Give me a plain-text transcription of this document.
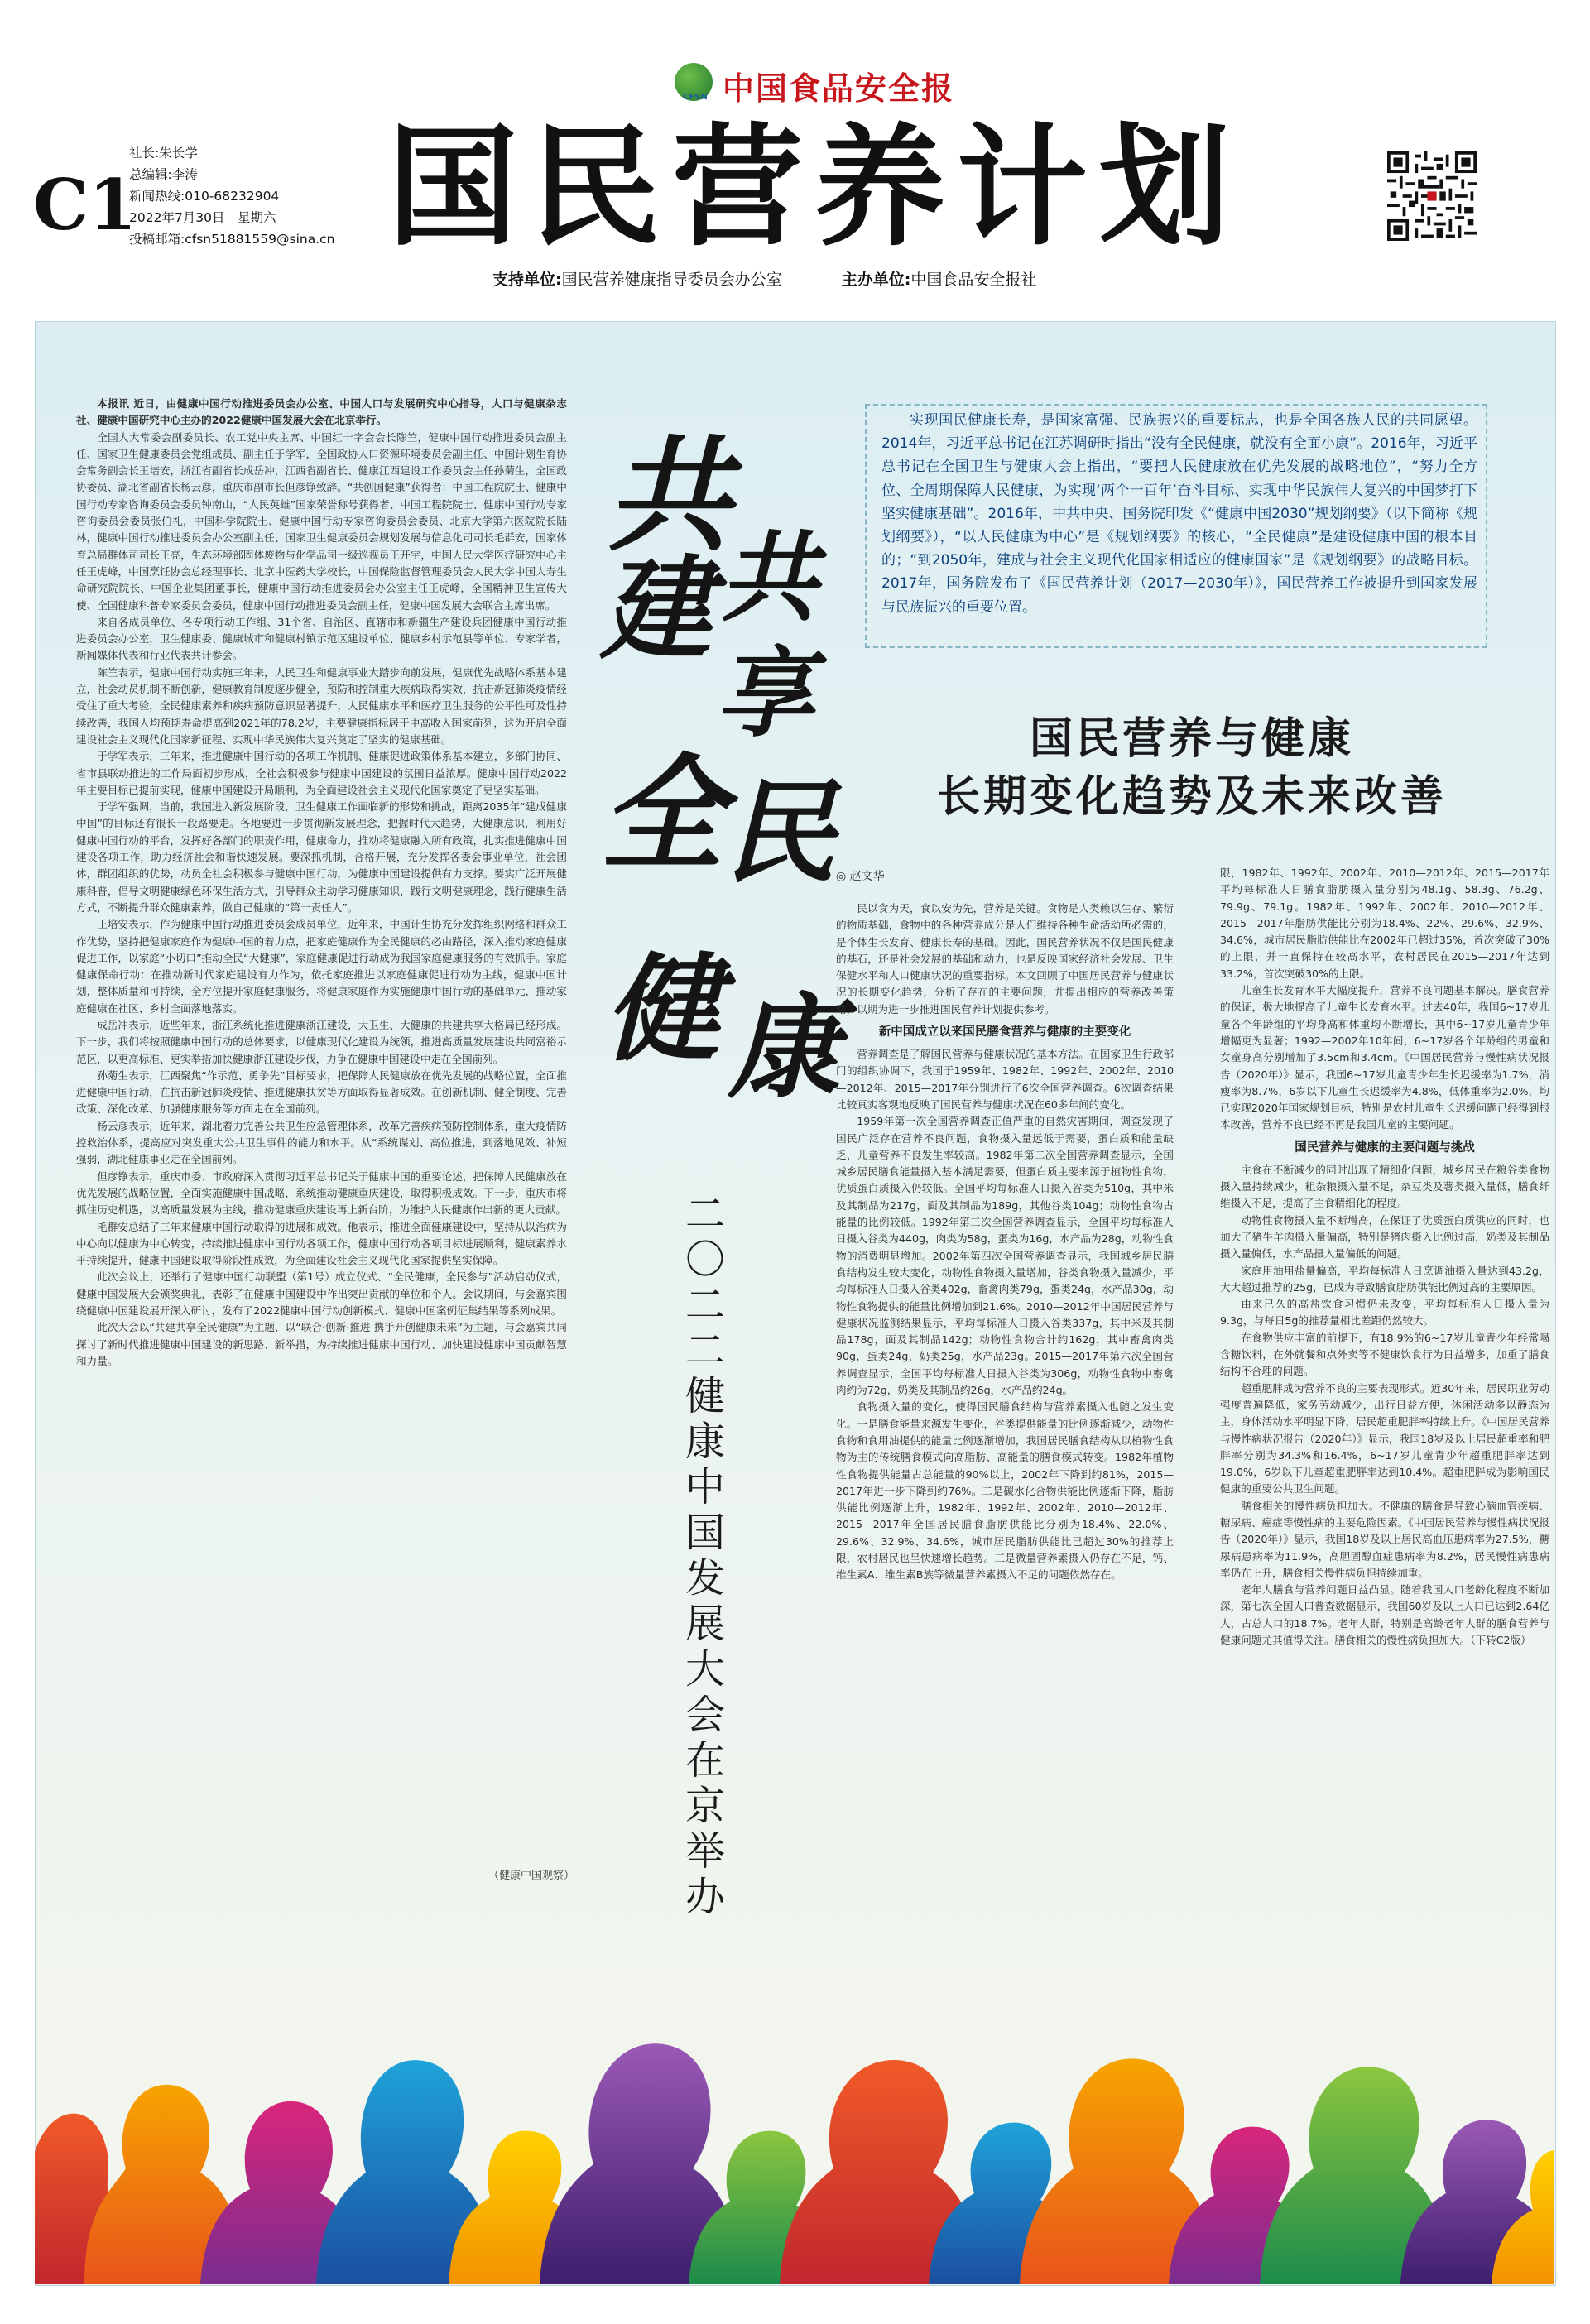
CFSN 中国食品安全报
C1
社长:朱长学
总编辑:李涛
新闻热线:010-68232904
2022年7月30日　星期六
投稿邮箱:cfsn51881559@sina.cn 国民营养计划
支持单位:国民营养健康指导委员会办公室	主办单位:中国食品安全报社

本报讯 近日，由健康中国行动推进委员会办公室、中国人口与发展研究中心指导，人口与健康杂志社、健康中国研究中心主办的2022健康中国发展大会在北京举行。

全国人大常委会副委员长、农工党中央主席、中国红十字会会长陈竺，健康中国行动推进委员会副主任、国家卫生健康委员会党组成员、副主任于学军，全国政协人口资源环境委员会副主任、中国计划生育协会常务副会长王培安，浙江省副省长成岳冲，江西省副省长、健康江西建设工作委员会主任孙菊生，全国政协委员、湖北省副省长杨云彦，重庆市副市长但彦铮致辞。“共创国健康”获得者：中国工程院院士、健康中国行动专家咨询委员会委员钟南山，“人民英雄”国家荣誉称号获得者、中国工程院院士、健康中国行动专家咨询委员会委员张伯礼，中国科学院院士、健康中国行动专家咨询委员会委员、北京大学第六医院院长陆林，健康中国行动推进委员会办公室副主任、国家卫生健康委员会规划发展与信息化司司长毛群安，国家体育总局群体司司长王亮，生态环境部固体废物与化学品司一级巡视员王开宇，中国人民大学医疗研究中心主任王虎峰，中国烹饪协会总经理事长、北京中医药大学校长，中国保险监督管理委员会人民大学中国人寿生命研究院院长、中国企业集团董事长，健康中国行动推进委员会办公室主任王虎峰，全国精神卫生宣传大使、全国健康科普专家委员会委员，健康中国行动推进委员会副主任，健康中国发展大会联合主席出席。

来自各成员单位、各专项行动工作组、31个省、自治区、直辖市和新疆生产建设兵团健康中国行动推进委员会办公室，卫生健康委、健康城市和健康村镇示范区建设单位、健康乡村示范县等单位、专家学者，新闻媒体代表和行业代表共计参会。

陈竺表示，健康中国行动实施三年来，人民卫生和健康事业大踏步向前发展，健康优先战略体系基本建立，社会动员机制不断创新，健康教育制度逐步健全，预防和控制重大疾病取得实效，抗击新冠肺炎疫情经受住了重大考验，全民健康素养和疾病预防意识显著提升，人民健康水平和医疗卫生服务的公平性可及性持续改善，我国人均预期寿命提高到2021年的78.2岁，主要健康指标居于中高收入国家前列，这为开启全面建设社会主义现代化国家新征程、实现中华民族伟大复兴奠定了坚实的健康基础。

于学军表示，三年来，推进健康中国行动的各项工作机制、健康促进政策体系基本建立，多部门协同、省市县联动推进的工作局面初步形成，全社会积极参与健康中国建设的氛围日益浓厚。健康中国行动2022年主要目标已提前实现，健康中国建设开局顺利，为全面建设社会主义现代化国家奠定了更坚实基础。

于学军强调，当前，我国进入新发展阶段，卫生健康工作面临新的形势和挑战，距离2035年“建成健康中国”的目标还有很长一段路要走。各地要进一步贯彻新发展理念，把握时代大趋势，大健康意识，利用好健康中国行动的平台，发挥好各部门的职责作用，健康命力，推动将健康融入所有政策，扎实推进健康中国建设各项工作，助力经济社会和谐快速发展。要深抓机制，合格开展，充分发挥各委会事业单位，社会团体，群团组织的优势，动员全社会积极参与健康中国行动，为健康中国建设提供有力支撑。要实广泛开展健康科普，倡导文明健康绿色环保生活方式，引导群众主动学习健康知识，践行文明健康理念，践行健康生活方式，不断提升群众健康素养，做自己健康的“第一责任人”。

王培安表示，作为健康中国行动推进委员会成员单位，近年来，中国计生协充分发挥组织网络和群众工作优势，坚持把健康家庭作为健康中国的着力点，把家庭健康作为全民健康的必由路径，深入推动家庭健康促进工作，以家庭“小切口”推动全民“大健康”，家庭健康促进行动成为我国家庭健康服务的有效抓手。家庭健康保命行动：在推动新时代家庭建设有力作为，依托家庭推进以家庭健康促进行动为主线，健康中国计划，整体质量和可持续，全方位提升家庭健康服务，将健康家庭作为实施健康中国行动的基础单元，推动家庭健康在社区、乡村全面落地落实。

成岳冲表示，近些年来，浙江系统化推进健康浙江建设，大卫生、大健康的共建共享大格局已经形成。下一步，我们将按照健康中国行动的总体要求，以健康现代化建设为统领，推进高质量发展建设共同富裕示范区，以更高标准、更实举措加快健康浙江建设步伐，力争在健康中国建设中走在全国前列。

孙菊生表示，江西聚焦“作示范、勇争先”目标要求，把保障人民健康放在优先发展的战略位置，全面推进健康中国行动，在抗击新冠肺炎疫情、推进健康扶贫等方面取得显著成效。在创新机制、健全制度、完善政策、深化改革、加强健康服务等方面走在全国前列。

杨云彦表示，近年来，湖北着力完善公共卫生应急管理体系，改革完善疾病预防控制体系，重大疫情防控救治体系，提高应对突发重大公共卫生事件的能力和水平。从“系统谋划、高位推进，到落地见效、补短强弱，湖北健康事业走在全国前列。

但彦铮表示，重庆市委、市政府深入贯彻习近平总书记关于健康中国的重要论述，把保障人民健康放在优先发展的战略位置，全面实施健康中国战略，系统推动健康重庆建设，取得积极成效。下一步，重庆市将抓住历史机遇，以高质量发展为主线，推动健康重庆建设再上新台阶，为维护人民健康作出新的更大贡献。

毛群安总结了三年来健康中国行动取得的进展和成效。他表示，推进全面健康建设中，坚持从以治病为中心向以健康为中心转变，持续推进健康中国行动各项工作，健康中国行动各项目标进展顺利，健康素养水平持续提升，健康中国建设取得阶段性成效，为全面建设社会主义现代化国家提供坚实保障。

此次会议上，还举行了健康中国行动联盟（第1号）成立仪式、“全民健康，全民参与”活动启动仪式，健康中国发展大会颁奖典礼，表彰了在健康中国建设中作出突出贡献的单位和个人。会议期间，与会嘉宾围绕健康中国建设展开深入研讨，发布了2022健康中国行动创新模式、健康中国案例征集结果等系列成果。

此次大会以“共建共享全民健康”为主题，以“联合·创新·推进 携手开创健康未来”为主题，与会嘉宾共同探讨了新时代推进健康中国建设的新思路、新举措，为持续推进健康中国行动、加快建设健康中国贡献智慧和力量。

（健康中国观察）
共
建 共
享
全 民
健 康
二〇二二健康中国发展大会在京举办

实现国民健康长寿，是国家富强、民族振兴的重要标志，也是全国各族人民的共同愿望。2014年，习近平总书记在江苏调研时指出“没有全民健康，就没有全面小康”。2016年，习近平总书记在全国卫生与健康大会上指出，“要把人民健康放在优先发展的战略地位”，“努力全方位、全周期保障人民健康，为实现‘两个一百年’奋斗目标、实现中华民族伟大复兴的中国梦打下坚实健康基础”。2016年，中共中央、国务院印发《“健康中国2030”规划纲要》（以下简称《规划纲要》），“以人民健康为中心”是《规划纲要》的核心，“全民健康”是建设健康中国的根本目的；“到2050年，建成与社会主义现代化国家相适应的健康国家”是《规划纲要》的战略目标。2017年，国务院发布了《国民营养计划（2017—2030年）》，国民营养工作被提升到国家发展与民族振兴的重要位置。

国民营养与健康
长期变化趋势及未来改善
◎ 赵文华

民以食为天，食以安为先，营养是关键。食物是人类赖以生存、繁衍的物质基础，食物中的各种营养成分是人们维持各种生命活动所必需的，是个体生长发育、健康长寿的基础。因此，国民营养状况不仅是国民健康的基石，还是社会发展的基础和动力，也是反映国家经济社会发展、卫生保健水平和人口健康状况的重要指标。本文回顾了中国居民营养与健康状况的长期变化趋势，分析了存在的主要问题，并提出相应的营养改善策略，以期为进一步推进国民营养计划提供参考。

新中国成立以来国民膳食营养与健康的主要变化

营养调查是了解国民营养与健康状况的基本方法。在国家卫生行政部门的组织协调下，我国于1959年、1982年、1992年、2002年、2010—2012年、2015—2017年分别进行了6次全国营养调查。6次调查结果比较真实客观地反映了国民营养与健康状况在60多年间的变化。

1959年第一次全国营养调查正值严重的自然灾害期间，调查发现了国民广泛存在营养不良问题，食物摄入量远低于需要，蛋白质和能量缺乏，儿童营养不良发生率较高。1982年第二次全国营养调查显示，全国城乡居民膳食能量摄入基本满足需要，但蛋白质主要来源于植物性食物，优质蛋白质摄入仍较低。全国平均每标准人日摄入谷类为510g，其中米及其制品为217g，面及其制品为189g，其他谷类104g；动物性食物占能量的比例较低。1992年第三次全国营养调查显示，全国平均每标准人日摄入谷类为440g，肉类为58g，蛋类为16g，水产品为28g，动物性食物的消费明显增加。2002年第四次全国营养调查显示，我国城乡居民膳食结构发生较大变化，动物性食物摄入量增加，谷类食物摄入量减少，平均每标准人日摄入谷类402g，畜禽肉类79g，蛋类24g，水产品30g，动物性食物提供的能量比例增加到21.6%。2010—2012年中国居民营养与健康状况监测结果显示，平均每标准人日摄入谷类337g，其中米及其制品178g，面及其制品142g；动物性食物合计约162g，其中畜禽肉类90g，蛋类24g，奶类25g，水产品23g。2015—2017年第六次全国营养调查显示，全国平均每标准人日摄入谷类为306g，动物性食物中畜禽肉约为72g，奶类及其制品约26g，水产品约24g。

食物摄入量的变化，使得国民膳食结构与营养素摄入也随之发生变化。一是膳食能量来源发生变化，谷类提供能量的比例逐渐减少，动物性食物和食用油提供的能量比例逐渐增加，我国居民膳食结构从以植物性食物为主的传统膳食模式向高脂肪、高能量的膳食模式转变。1982年植物性食物提供能量占总能量的90%以上，2002年下降到约81%，2015—2017年进一步下降到约76%。二是碳水化合物供能比例逐渐下降，脂肪供能比例逐渐上升，1982年、1992年、2002年、2010—2012年、2015—2017年全国居民膳食脂肪供能比分别为18.4%、22.0%、29.6%、32.9%、34.6%，城市居民脂肪供能比已超过30%的推荐上限，农村居民也呈快速增长趋势。三是微量营养素摄入仍存在不足，钙、维生素A、维生素B族等微量营养素摄入不足的问题依然存在。

限，1982年、1992年、2002年、2010—2012年、2015—2017年平均每标准人日膳食脂肪摄入量分别为48.1g、58.3g、76.2g、79.9g、79.1g。1982年、1992年、2002年、2010—2012年、2015—2017年脂肪供能比分别为18.4%、22%、29.6%、32.9%、34.6%，城市居民脂肪供能比在2002年已超过35%，首次突破了30%的上限，并一直保持在较高水平，农村居民在2015—2017年达到33.2%，首次突破30%的上限。

儿童生长发育水平大幅度提升，营养不良问题基本解决。膳食营养的保证，极大地提高了儿童生长发育水平。过去40年，我国6~17岁儿童各个年龄组的平均身高和体重均不断增长，其中6~17岁儿童青少年增幅更为显著；1992—2002年10年间，6~17岁各个年龄组的男童和女童身高分别增加了3.5cm和3.4cm。《中国居民营养与慢性病状况报告（2020年）》显示，我国6~17岁儿童青少年生长迟缓率为1.7%，消瘦率为8.7%，6岁以下儿童生长迟缓率为4.8%，低体重率为2.0%，均已实现2020年国家规划目标，特别是农村儿童生长迟缓问题已经得到根本改善，营养不良已经不再是我国儿童的主要问题。

国民营养与健康的主要问题与挑战

主食在不断减少的同时出现了精细化问题，城乡居民在粮谷类食物摄入量持续减少，粗杂粮摄入量不足，杂豆类及薯类摄入量低，膳食纤维摄入不足，提高了主食精细化的程度。

动物性食物摄入量不断增高，在保证了优质蛋白质供应的同时，也加大了猪牛羊肉摄入量偏高，特别是猪肉摄入比例过高，奶类及其制品摄入量偏低，水产品摄入量偏低的问题。

家庭用油用盐量偏高，平均每标准人日烹调油摄入量达到43.2g，大大超过推荐的25g，已成为导致膳食脂肪供能比例过高的主要原因。

由来已久的高盐饮食习惯仍未改变，平均每标准人日摄入量为9.3g，与每日5g的推荐量相比差距仍然较大。

在食物供应丰富的前提下，有18.9%的6~17岁儿童青少年经常喝含糖饮料，在外就餐和点外卖等不健康饮食行为日益增多，加重了膳食结构不合理的问题。

超重肥胖成为营养不良的主要表现形式。近30年来，居民职业劳动强度普遍降低，家务劳动减少，出行日益方便，休闲活动多以静态为主，身体活动水平明显下降，居民超重肥胖率持续上升。《中国居民营养与慢性病状况报告（2020年）》显示，我国18岁及以上居民超重率和肥胖率分别为34.3%和16.4%，6~17岁儿童青少年超重肥胖率达到19.0%，6岁以下儿童超重肥胖率达到10.4%。超重肥胖成为影响国民健康的重要公共卫生问题。

膳食相关的慢性病负担加大。不健康的膳食是导致心脑血管疾病、糖尿病、癌症等慢性病的主要危险因素。《中国居民营养与慢性病状况报告（2020年）》显示，我国18岁及以上居民高血压患病率为27.5%，糖尿病患病率为11.9%，高胆固醇血症患病率为8.2%，居民慢性病患病率仍在上升，膳食相关慢性病负担持续加重。

老年人膳食与营养问题日益凸显。随着我国人口老龄化程度不断加深，第七次全国人口普查数据显示，我国60岁及以上人口已达到2.64亿人，占总人口的18.7%。老年人群，特别是高龄老年人群的膳食营养与健康问题尤其值得关注。膳食相关的慢性病负担加大。（下转C2版）
